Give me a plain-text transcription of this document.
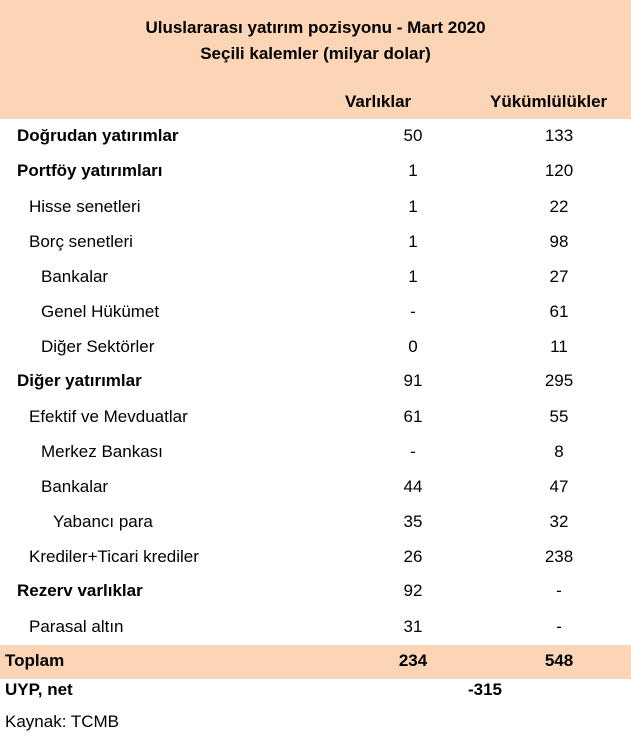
Uluslararası yatırım pozisyonu - Mart 2020
Seçili kalemler (milyar dolar)
Varlıklar	Yükümlülükler
Doğrudan yatırımlar	50	133
Portföy yatırımları	1	120
Hisse senetleri	1	22
Borç senetleri	1	98
Bankalar	1	27
Genel Hükümet	-	61
Diğer Sektörler	0	11
Diğer yatırımlar	91	295
Efektif ve Mevduatlar	61	55
Merkez Bankası	-	8
Bankalar	44	47
Yabancı para	35	32
Krediler+Ticari krediler	26	238
Rezerv varlıklar	92	-
Parasal altın	31	-
Toplam	234	548
UYP, net	-315
Kaynak: TCMB
